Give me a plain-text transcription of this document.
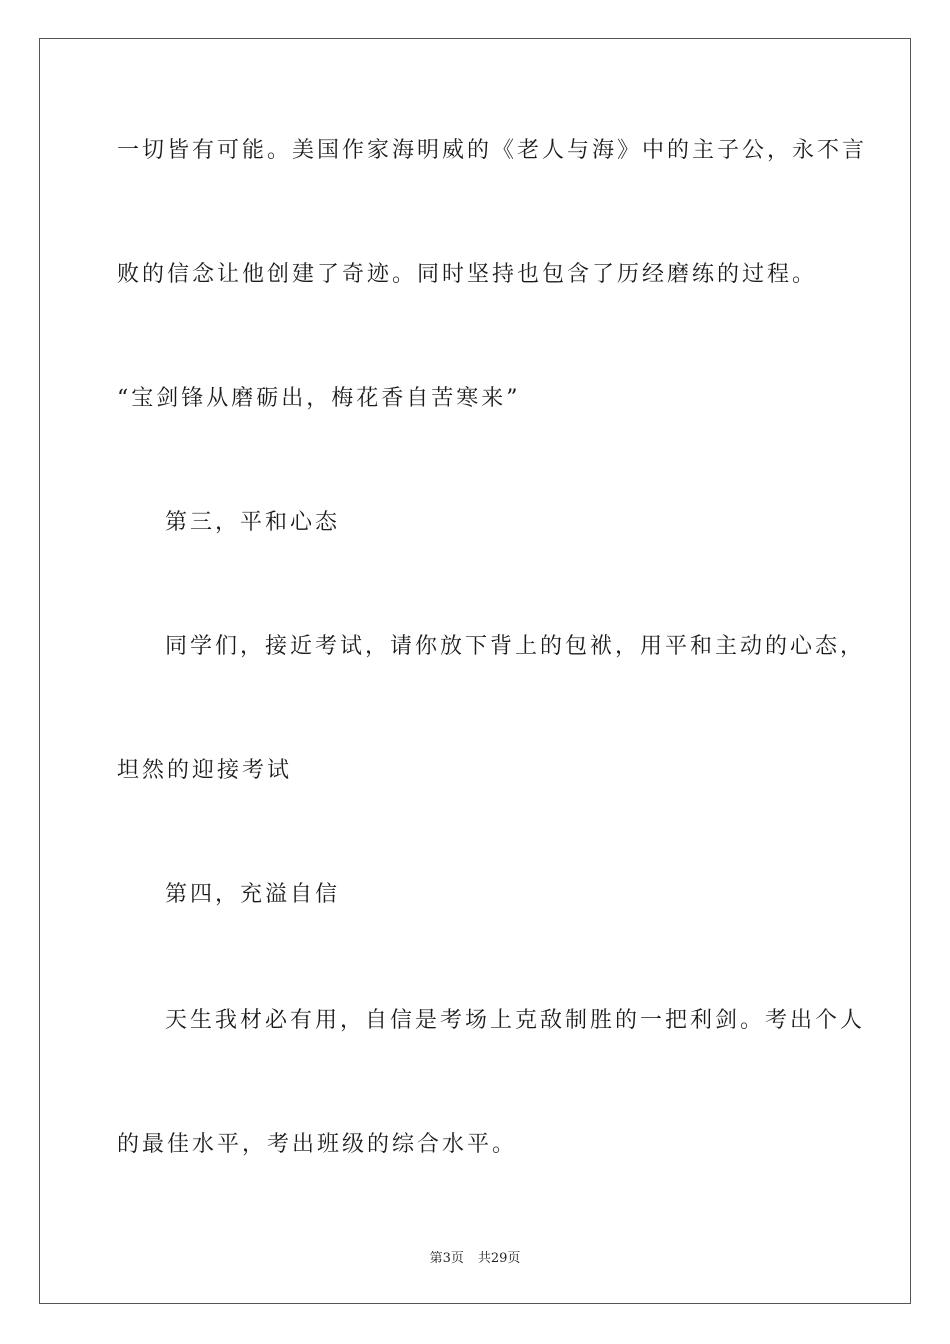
一切皆有可能。美国作家海明威的《老人与海》中的主子公，永不言
败的信念让他创建了奇迹。同时坚持也包含了历经磨练的过程。
“宝剑锋从磨砺出，梅花香自苦寒来”
第三，平和心态
同学们，接近考试，请你放下背上的包袱，用平和主动的心态，
坦然的迎接考试
第四，充溢自信
天生我材必有用，自信是考场上克敌制胜的一把利剑。考出个人
的最佳水平，考出班级的综合水平。
第3页 共29页
